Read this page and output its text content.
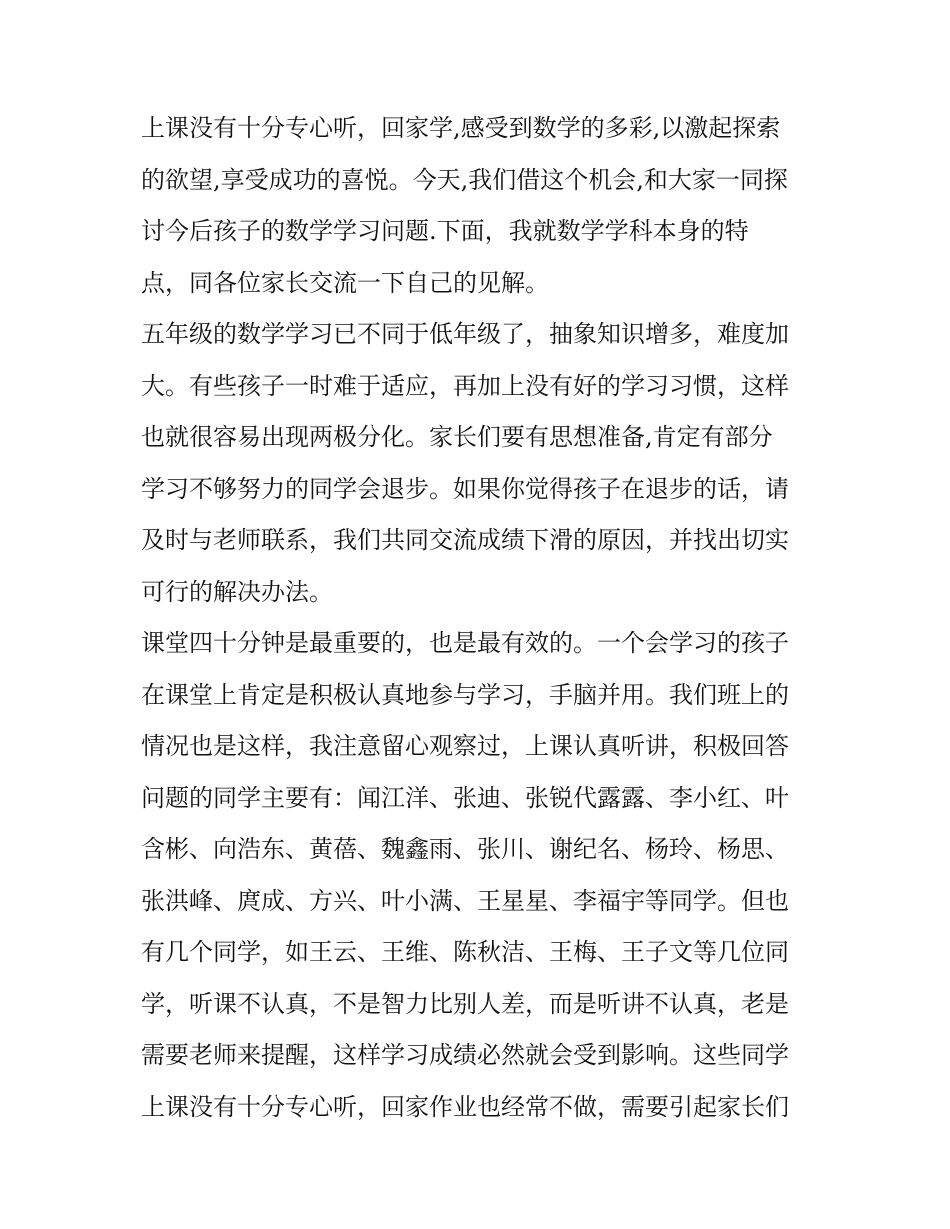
上课没有十分专心听，回家学,感受到数学的多彩,以激起探索
的欲望,享受成功的喜悦。今天,我们借这个机会,和大家一同探
讨今后孩子的数学学习问题.下面，我就数学学科本身的特
点，同各位家长交流一下自己的见解。
五年级的数学学习已不同于低年级了，抽象知识增多，难度加
大。有些孩子一时难于适应，再加上没有好的学习习惯，这样
也就很容易出现两极分化。家长们要有思想准备,肯定有部分
学习不够努力的同学会退步。如果你觉得孩子在退步的话，请
及时与老师联系，我们共同交流成绩下滑的原因，并找出切实
可行的解决办法。
课堂四十分钟是最重要的，也是最有效的。一个会学习的孩子
在课堂上肯定是积极认真地参与学习，手脑并用。我们班上的
情况也是这样，我注意留心观察过，上课认真听讲，积极回答
问题的同学主要有：闻江洋、张迪、张锐代露露、李小红、叶
含彬、向浩东、黄蓓、魏鑫雨、张川、谢纪名、杨玲、杨思、
张洪峰、庹成、方兴、叶小满、王星星、李福宇等同学。但也
有几个同学，如王云、王维、陈秋洁、王梅、王子文等几位同
学，听课不认真，不是智力比别人差，而是听讲不认真，老是
需要老师来提醒，这样学习成绩必然就会受到影响。这些同学
上课没有十分专心听，回家作业也经常不做，需要引起家长们
